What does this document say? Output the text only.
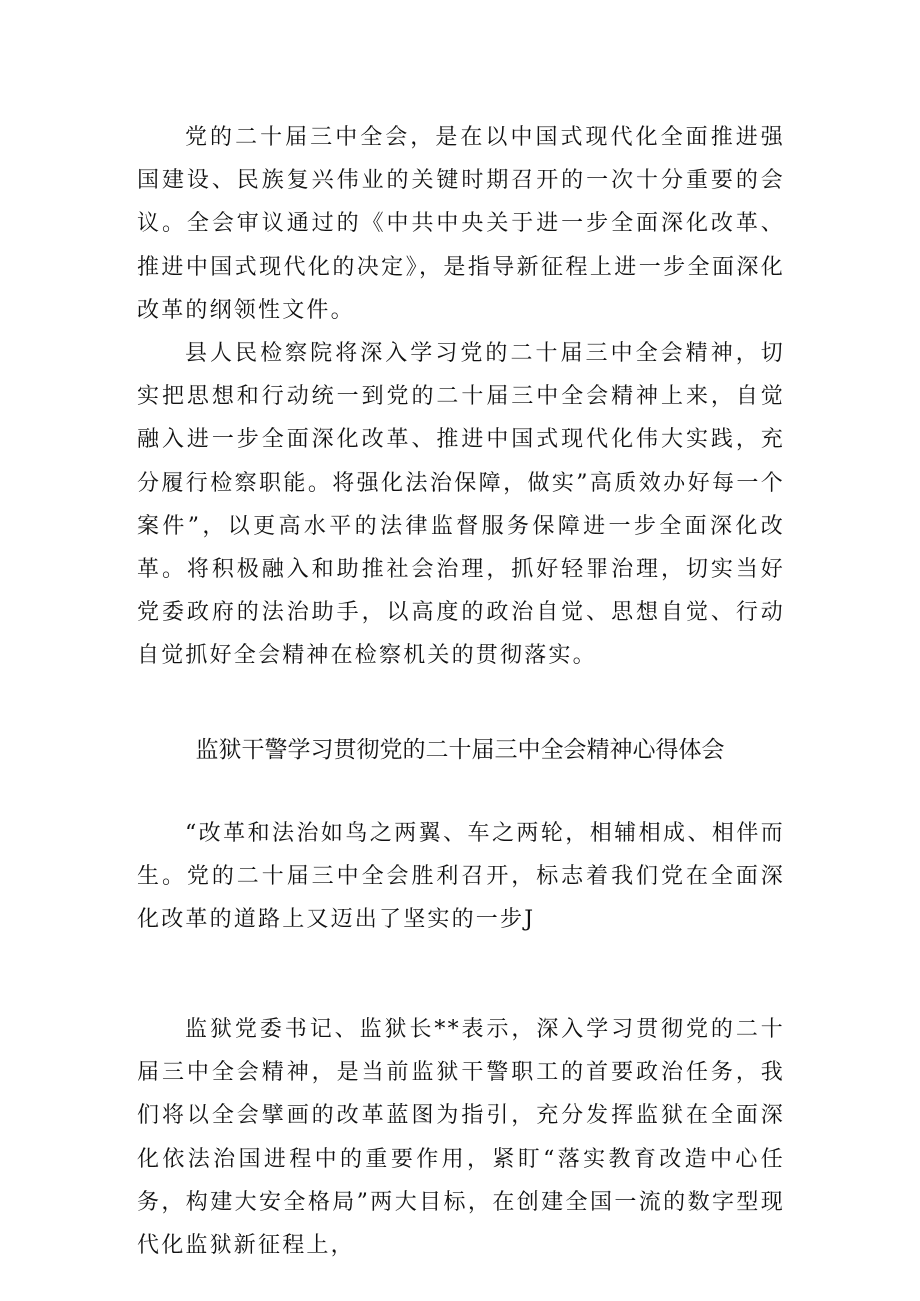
党的二十届三中全会，是在以中国式现代化全面推进强国建设、民族复兴伟业的关键时期召开的一次十分重要的会议。全会审议通过的《中共中央关于进一步全面深化改革、推进中国式现代化的决定》，是指导新征程上进一步全面深化改革的纲领性文件。

县人民检察院将深入学习党的二十届三中全会精神，切实把思想和行动统一到党的二十届三中全会精神上来，自觉融入进一步全面深化改革、推进中国式现代化伟大实践，充分履行检察职能。将强化法治保障，做实”高质效办好每一个案件”，以更高水平的法律监督服务保障进一步全面深化改革。将积极融入和助推社会治理，抓好轻罪治理，切实当好党委政府的法治助手，以高度的政治自觉、思想自觉、行动自觉抓好全会精神在检察机关的贯彻落实。

监狱干警学习贯彻党的二十届三中全会精神心得体会

“改革和法治如鸟之两翼、车之两轮，相辅相成、相伴而生。党的二十届三中全会胜利召开，标志着我们党在全面深化改革的道路上又迈出了坚实的一步J

监狱党委书记、监狱长**表示，深入学习贯彻党的二十届三中全会精神，是当前监狱干警职工的首要政治任务，我们将以全会擘画的改革蓝图为指引，充分发挥监狱在全面深化依法治国进程中的重要作用，紧盯“落实教育改造中心任务，构建大安全格局”两大目标，在创建全国一流的数字型现代化监狱新征程上，
